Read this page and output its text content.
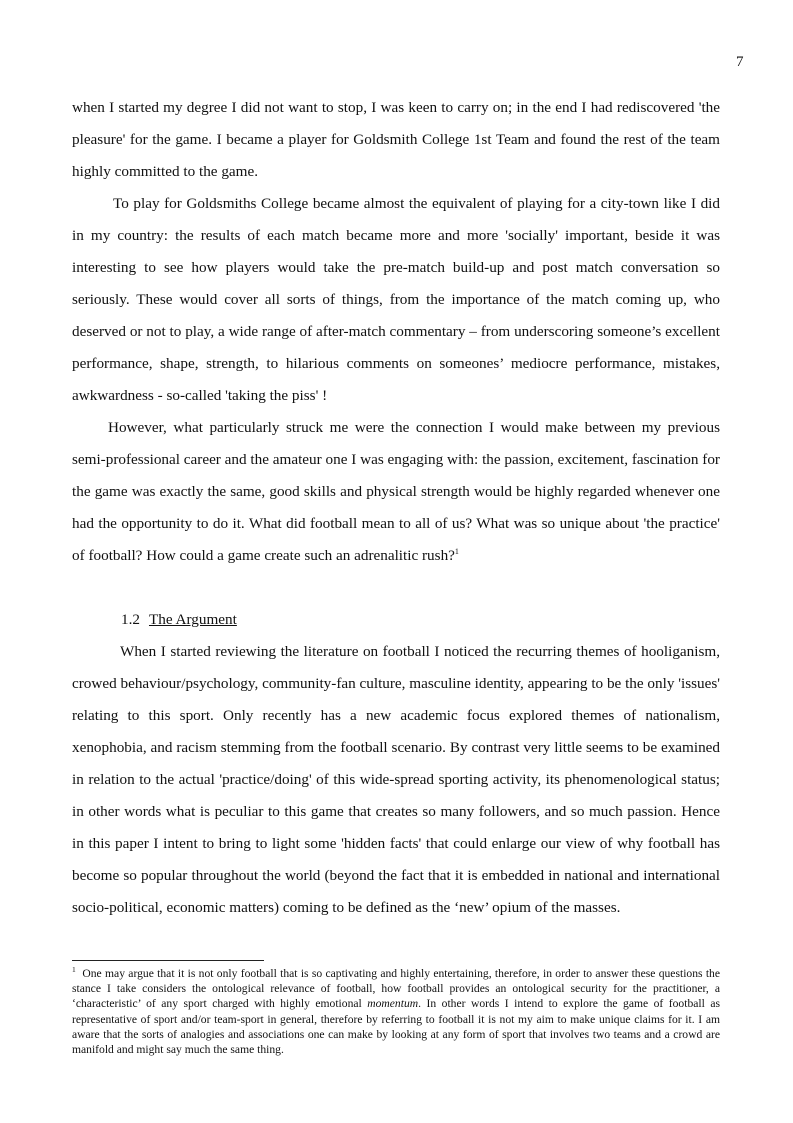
7

when I started my degree I did not want to stop, I was keen to carry on; in the end I had rediscovered 'the pleasure' for the game. I became a player for Goldsmith College 1st Team and found the rest of the team highly committed to the game.

To play for Goldsmiths College became almost the equivalent of playing for a city-town like I did in my country: the results of each match became more and more 'socially' important, beside it was interesting to see how players would take the pre-match build-up and post match conversation so seriously. These would cover all sorts of things, from the importance of the match coming up, who deserved or not to play, a wide range of after-match commentary – from underscoring someone’s excellent performance, shape, strength, to hilarious comments on someones’ mediocre performance, mistakes, awkwardness - so-called 'taking the piss' !

However, what particularly struck me were the connection I would make between my previous semi-professional career and the amateur one I was engaging with: the passion, excitement, fascination for the game was exactly the same, good skills and physical strength would be highly regarded whenever one had the opportunity to do it. What did football mean to all of us? What was so unique about 'the practice' of football? How could a game create such an adrenalitic rush?$^1$

1.2 The Argument

When I started reviewing the literature on football I noticed the recurring themes of hooliganism, crowed behaviour/psychology, community-fan culture, masculine identity, appearing to be the only 'issues' relating to this sport. Only recently has a new academic focus explored themes of nationalism, xenophobia, and racism stemming from the football scenario. By contrast very little seems to be examined in relation to the actual 'practice/doing' of this wide-spread sporting activity, its phenomenological status; in other words what is peculiar to this game that creates so many followers, and so much passion. Hence in this paper I intent to bring to light some 'hidden facts' that could enlarge our view of why football has become so popular throughout the world (beyond the fact that it is embedded in national and international socio-political, economic matters) coming to be defined as the ‘new’ opium of the masses.

$^1$ One may argue that it is not only football that is so captivating and highly entertaining, therefore, in order to answer these questions the stance I take considers the ontological relevance of football, how football provides an ontological security for the practitioner, a ‘characteristic’ of any sport charged with highly emotional momentum. In other words I intend to explore the game of football as representative of sport and/or team-sport in general, therefore by referring to football it is not my aim to make unique claims for it. I am aware that the sorts of analogies and associations one can make by looking at any form of sport that involves two teams and a crowd are manifold and might say much the same thing.
